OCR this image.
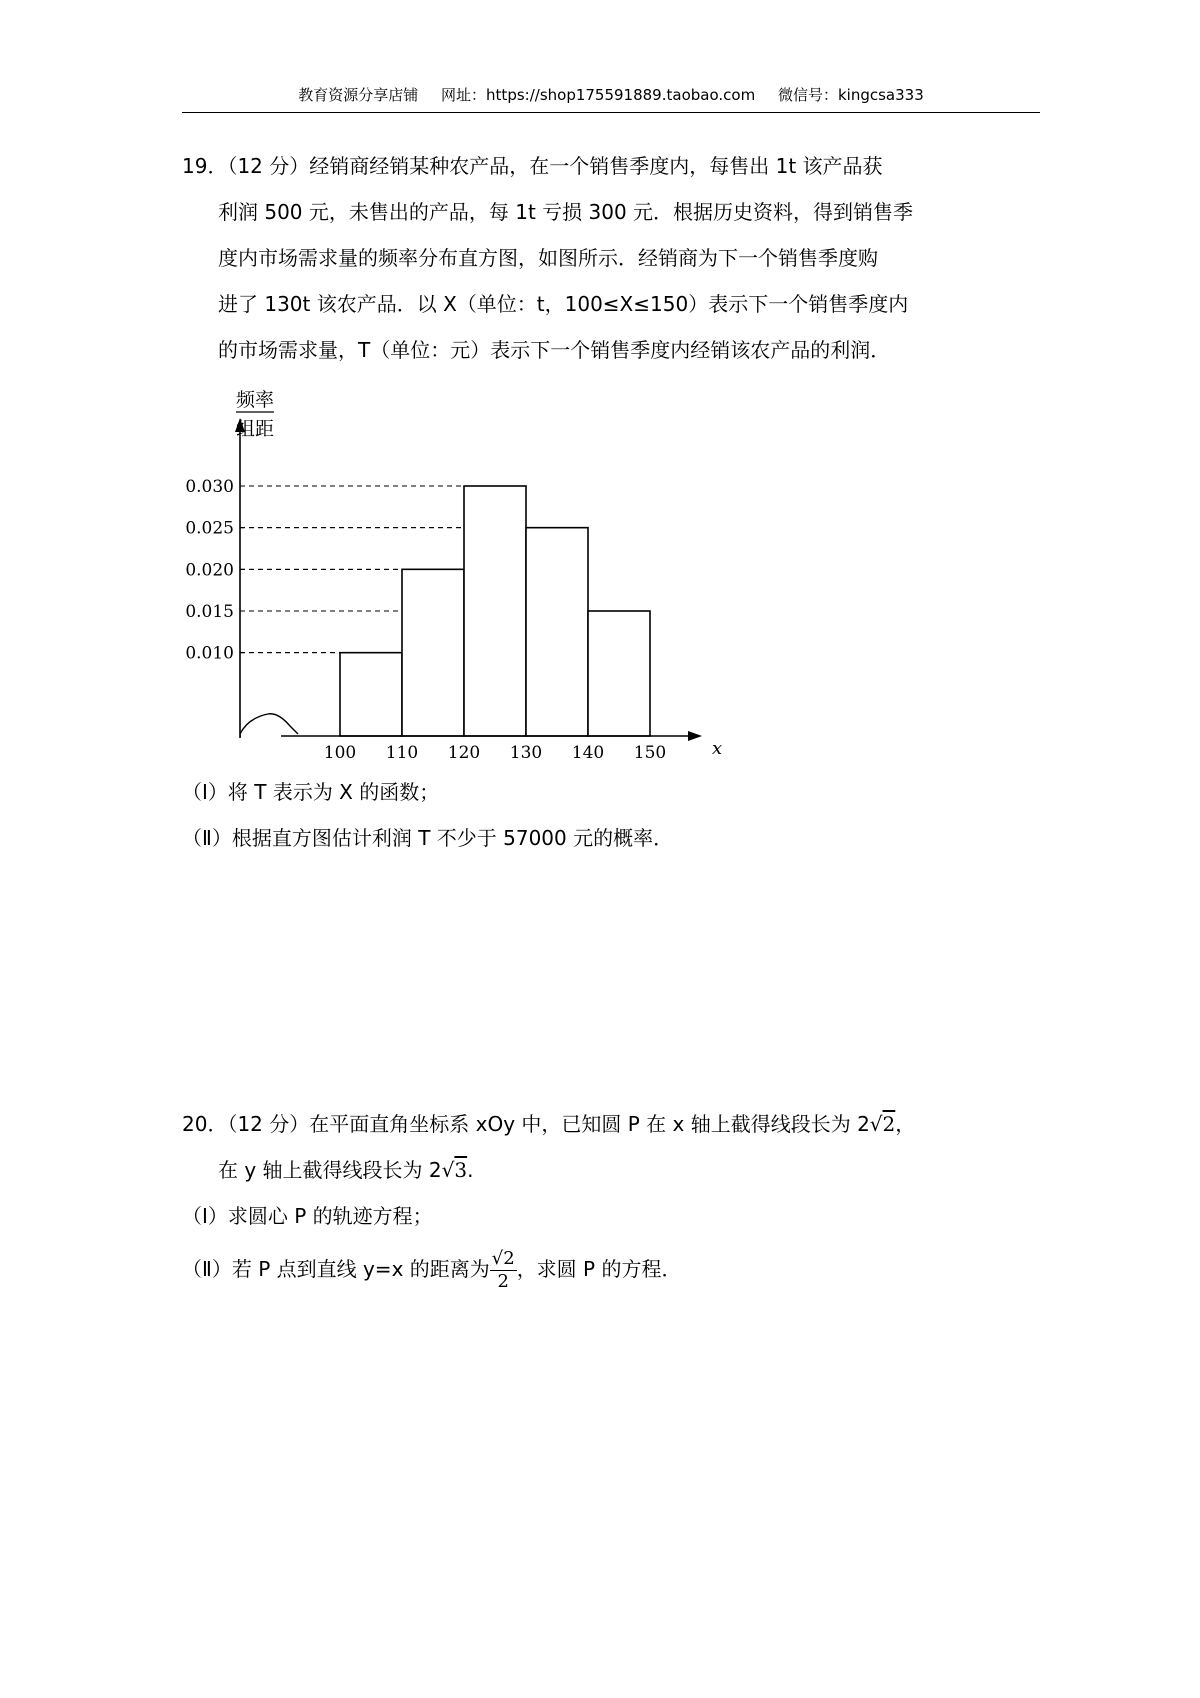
教育资源分享店铺 网址：https://shop175591889.taobao.com 微信号：kingcsa333
19．（12 分）经销商经销某种农产品，在一个销售季度内，每售出 1t 该产品获
利润 500 元，未售出的产品，每 1t 亏损 300 元．根据历史资料，得到销售季
度内市场需求量的频率分布直方图，如图所示．经销商为下一个销售季度购
进了 130t 该农产品．以 X（单位：t，100≤X≤150）表示下一个销售季度内
的市场需求量，T（单位：元）表示下一个销售季度内经销该农产品的利润．
0.010
0.015
0.020
0.025
0.030
100 110 120 130 140 150
频率
组距
x
（Ⅰ）将 T 表示为 X 的函数；
（Ⅱ）根据直方图估计利润 T 不少于 57000 元的概率．
20．（12 分）在平面直角坐标系 xOy 中，已知圆 P 在 x 轴上截得线段长为 2√2，
在 y 轴上截得线段长为 2√3.
（Ⅰ）求圆心 P 的轨迹方程；
（Ⅱ）若 P 点到直线 y=x 的距离为 $\frac{√2}{2}$ ，求圆 P 的方程．
